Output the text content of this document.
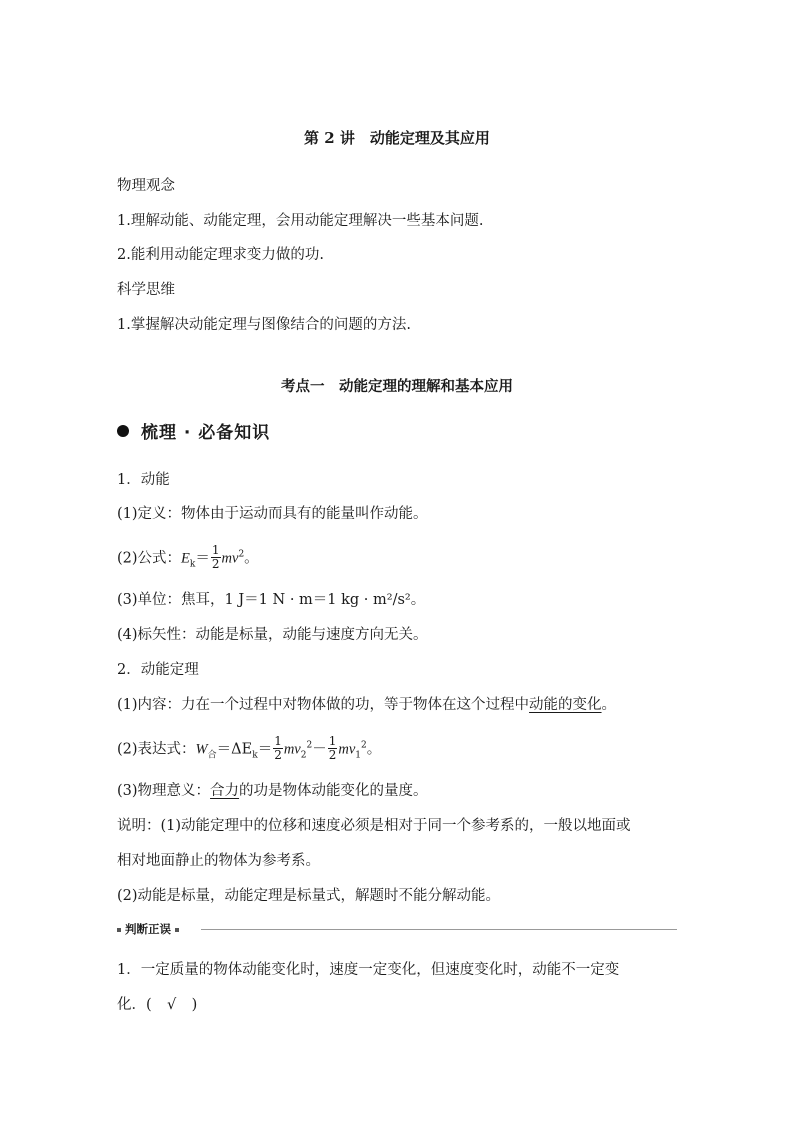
第 2 讲　动能定理及其应用
物理观念
1.理解动能、动能定理，会用动能定理解决一些基本问题.
2.能利用动能定理求变力做的功.
科学思维
1.掌握解决动能定理与图像结合的问题的方法.
考点一　动能定理的理解和基本应用
梳理 · 必备知识
1．动能
(1)定义：物体由于运动而具有的能量叫作动能。
(2)公式：$E_k= \frac{1}{2} mv^2$。
(3)单位：焦耳，1 J＝1 N · m＝1 kg · m²/s²。
(4)标矢性：动能是标量，动能与速度方向无关。
2．动能定理
(1)内容：力在一个过程中对物体做的功，等于物体在这个过程中动能的变化。
(2)表达式：$W_合=\Delta E_k= \frac{1}{2} mv_2^2- \frac{1}{2} mv_1^2$。
(3)物理意义：合力的功是物体动能变化的量度。
说明：(1)动能定理中的位移和速度必须是相对于同一个参考系的，一般以地面或
相对地面静止的物体为参考系。
(2)动能是标量，动能定理是标量式，解题时不能分解动能。
判断正误
1．一定质量的物体动能变化时，速度一定变化，但速度变化时，动能不一定变
化．( √ )
